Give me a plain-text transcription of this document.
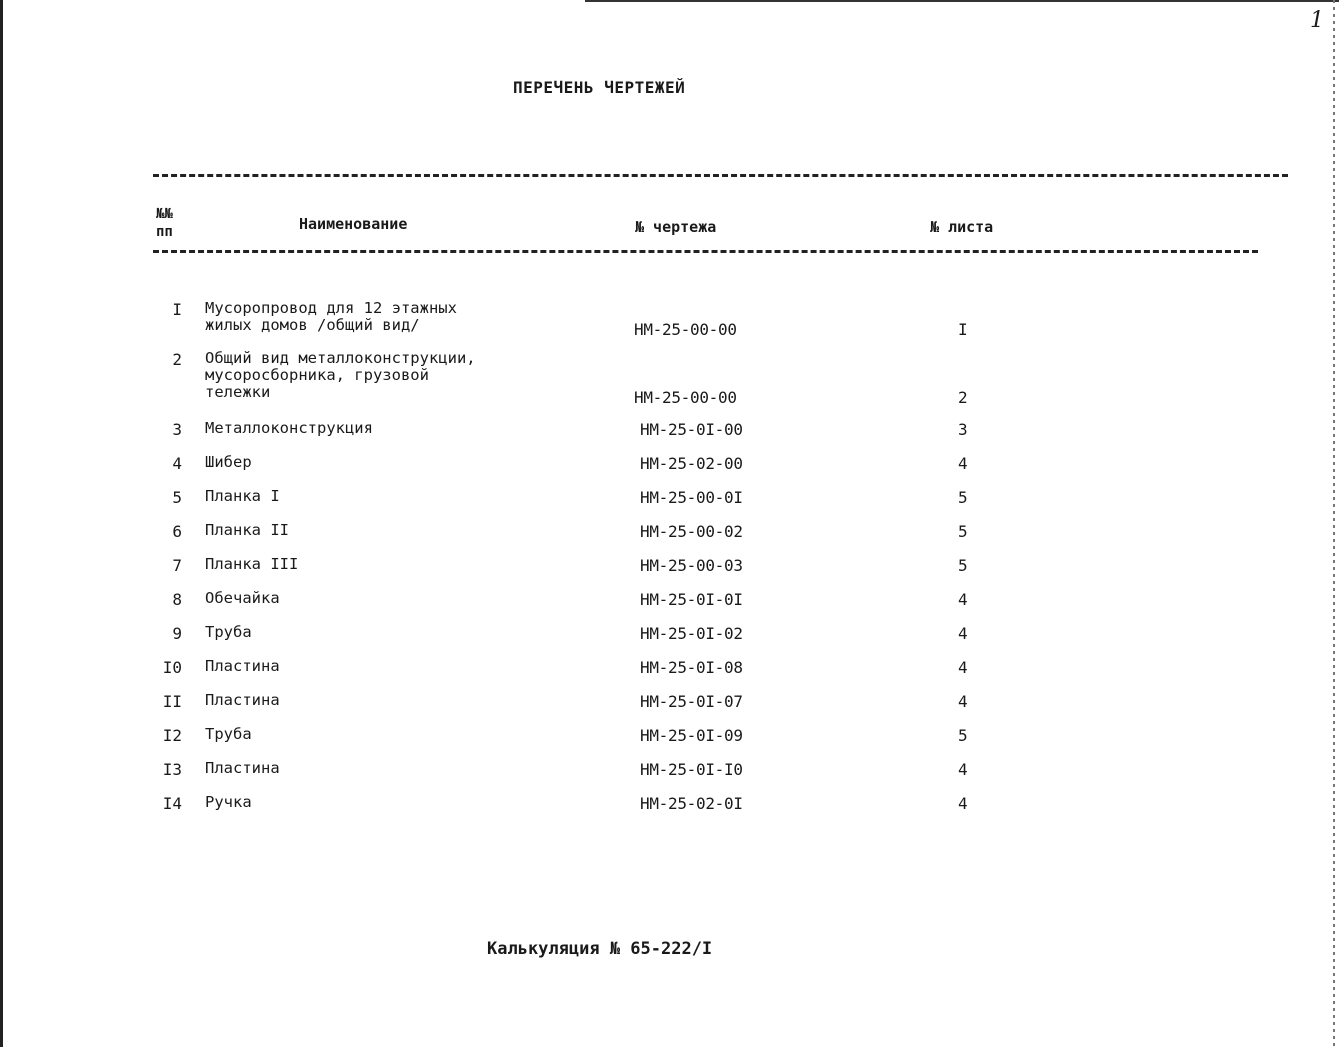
1
ПЕРЕЧЕНЬ ЧЕРТЕЖЕЙ
№№ пп	Наименование	№ чертежа	№ листа
I Мусоропровод для 12 этажных
жилых домов /общий вид/	НМ-25-00-00	I
2 Общий вид металлоконструкции,
мусоросборника, грузовой
тележки	НМ-25-00-00	2
3 Металлоконструкция	НМ-25-0I-00	3
4 Шибер	НМ-25-02-00	4
5 Планка I	НМ-25-00-0I	5
6 Планка II	НМ-25-00-02	5
7 Планка III	НМ-25-00-03	5
8 Обечайка	НМ-25-0I-0I	4
9 Труба	НМ-25-0I-02	4
I0 Пластина	НМ-25-0I-08	4
II Пластина	НМ-25-0I-07	4
I2 Труба	НМ-25-0I-09	5
I3 Пластина	НМ-25-0I-I0	4
I4 Ручка	НМ-25-02-0I	4
Калькуляция № 65-222/I
